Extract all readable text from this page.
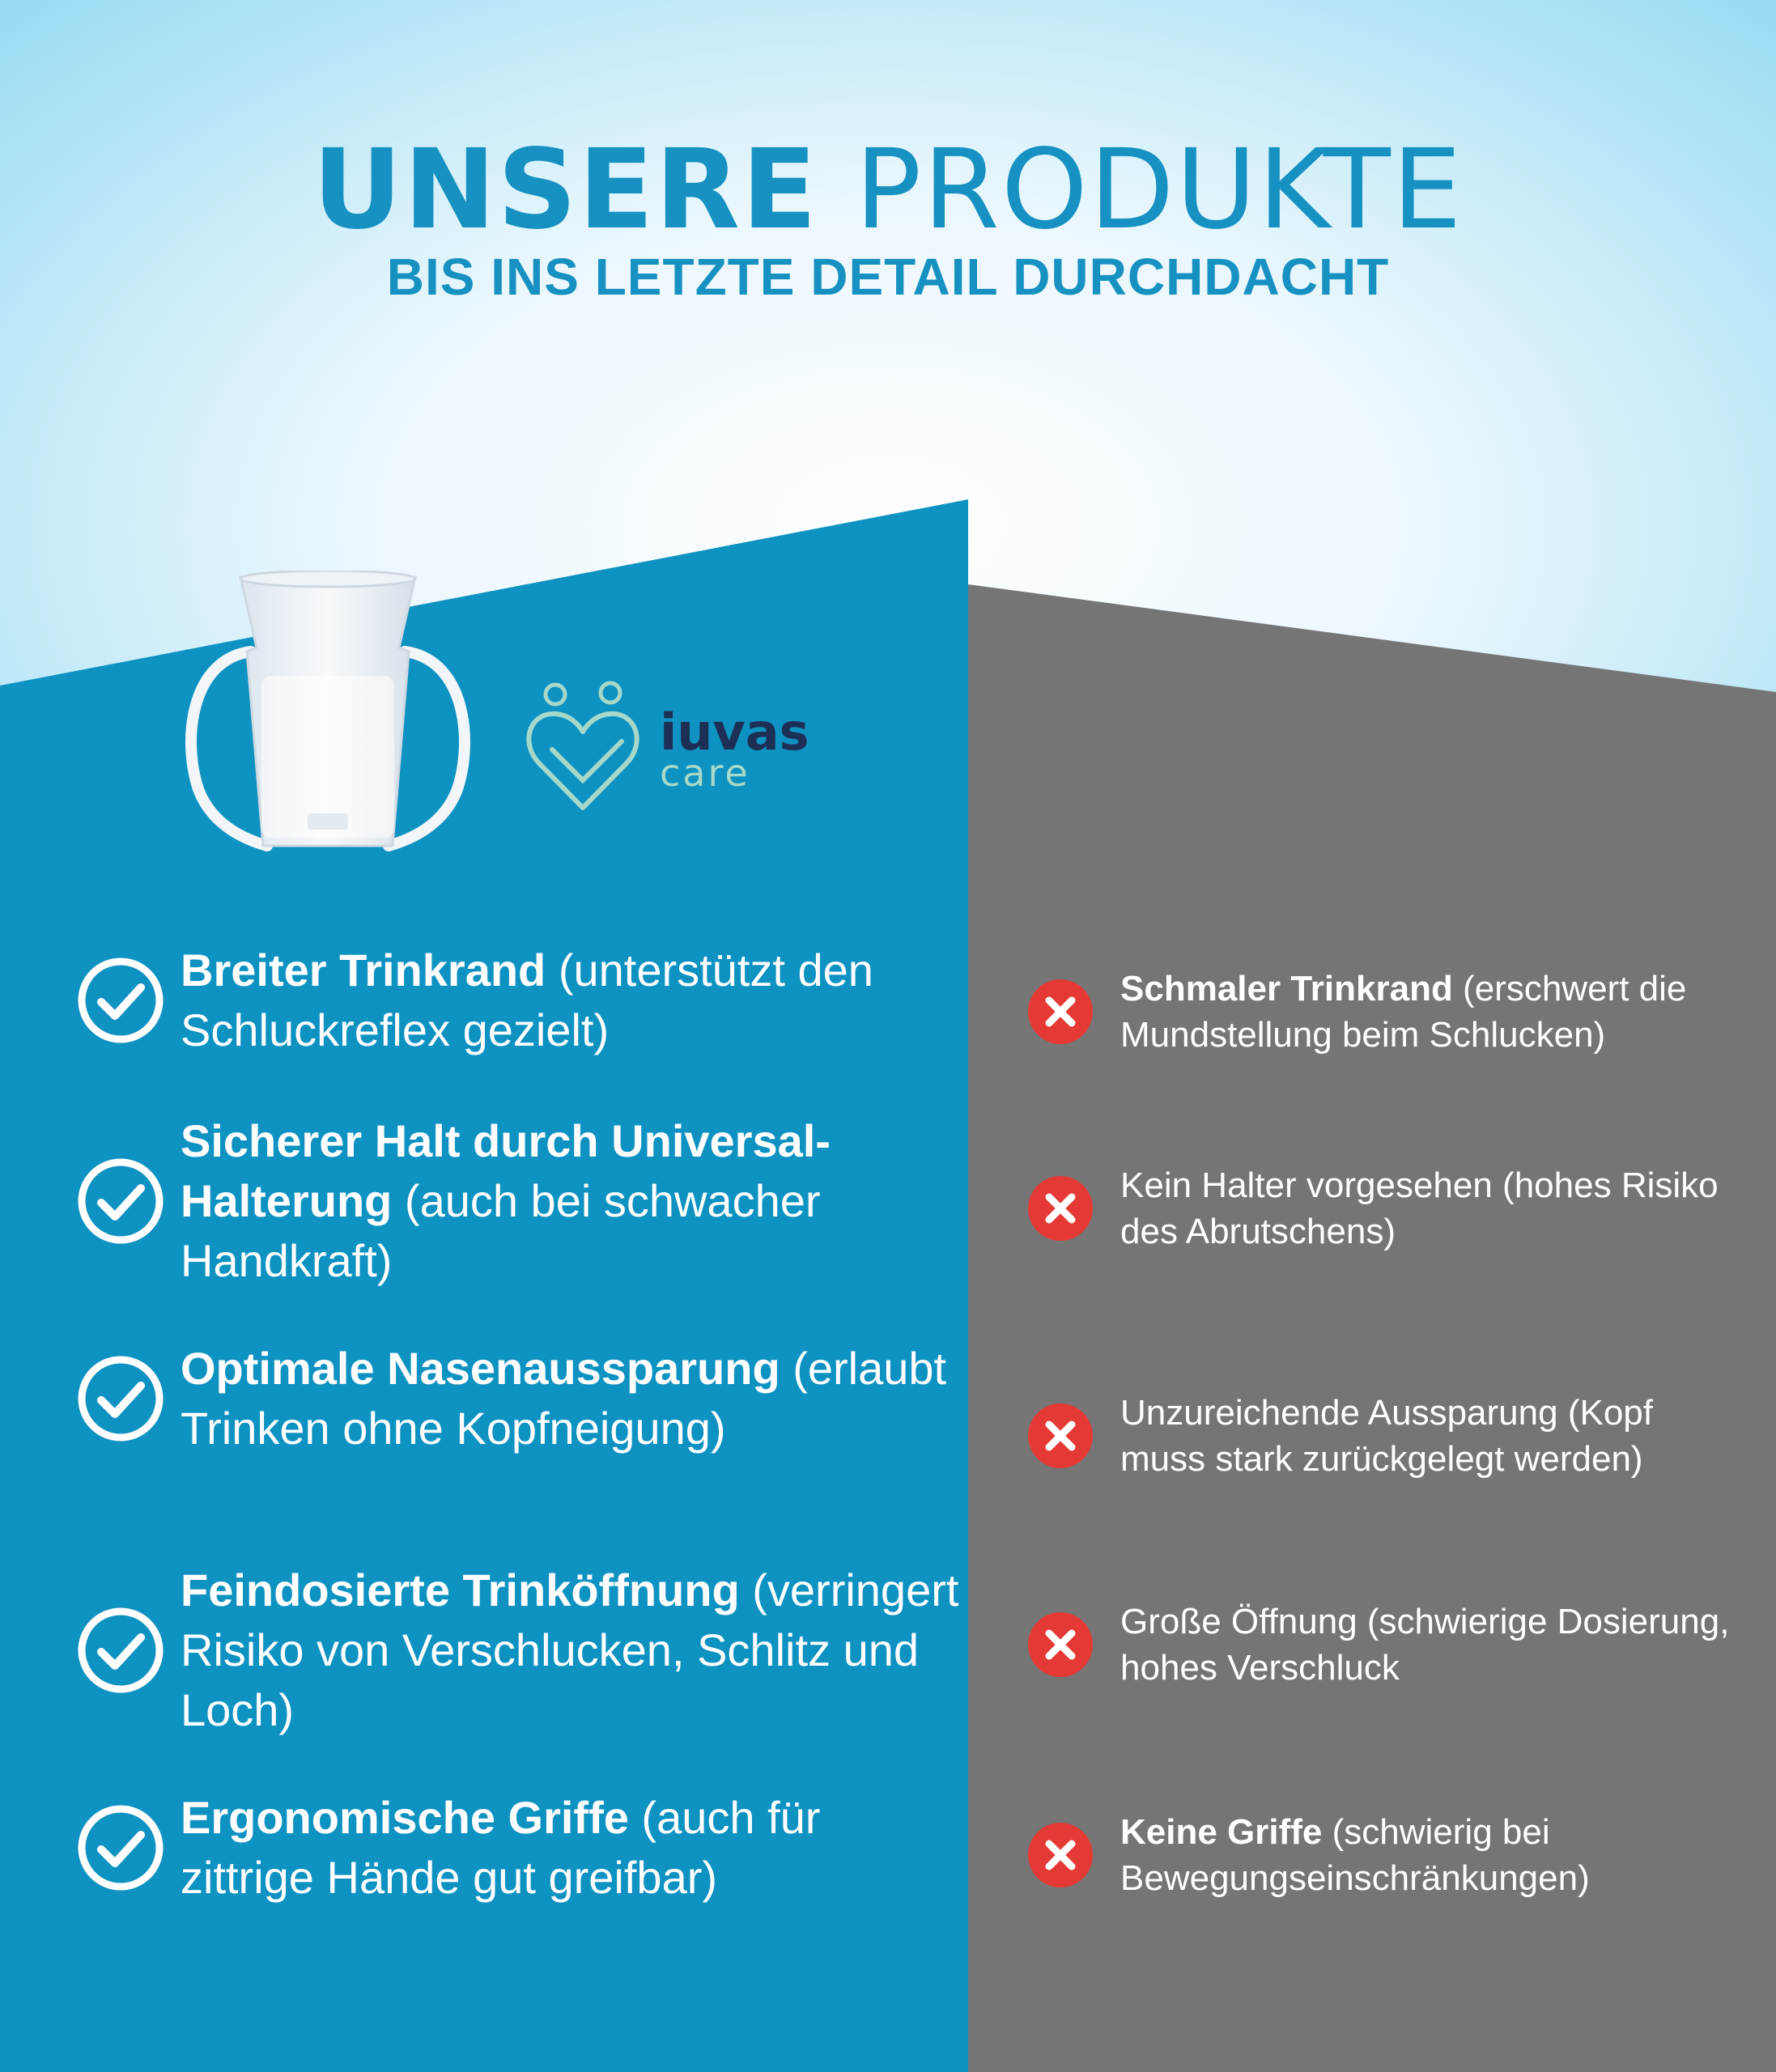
UNSERE PRODUKTE
BIS INS LETZTE DETAIL DURCHDACHT
iuvas
care
Breiter Trinkrand (unterstützt den Schluckreflex gezielt)
Sicherer Halt durch Universal-Halterung (auch bei schwacher Handkraft)
Optimale Nasenaussparung (erlaubt Trinken ohne Kopfneigung)
Feindosierte Trinköffnung (verringert Risiko von Verschlucken, Schlitz und Loch)
Ergonomische Griffe (auch für zittrige Hände gut greifbar)
Schmaler Trinkrand (erschwert die Mundstellung beim Schlucken)
Kein Halter vorgesehen (hohes Risiko des Abrutschens)
Unzureichende Aussparung (Kopf muss stark zurückgelegt werden)
Große Öffnung (schwierige Dosierung, hohes Verschluck
Keine Griffe (schwierig bei Bewegungseinschränkungen)
